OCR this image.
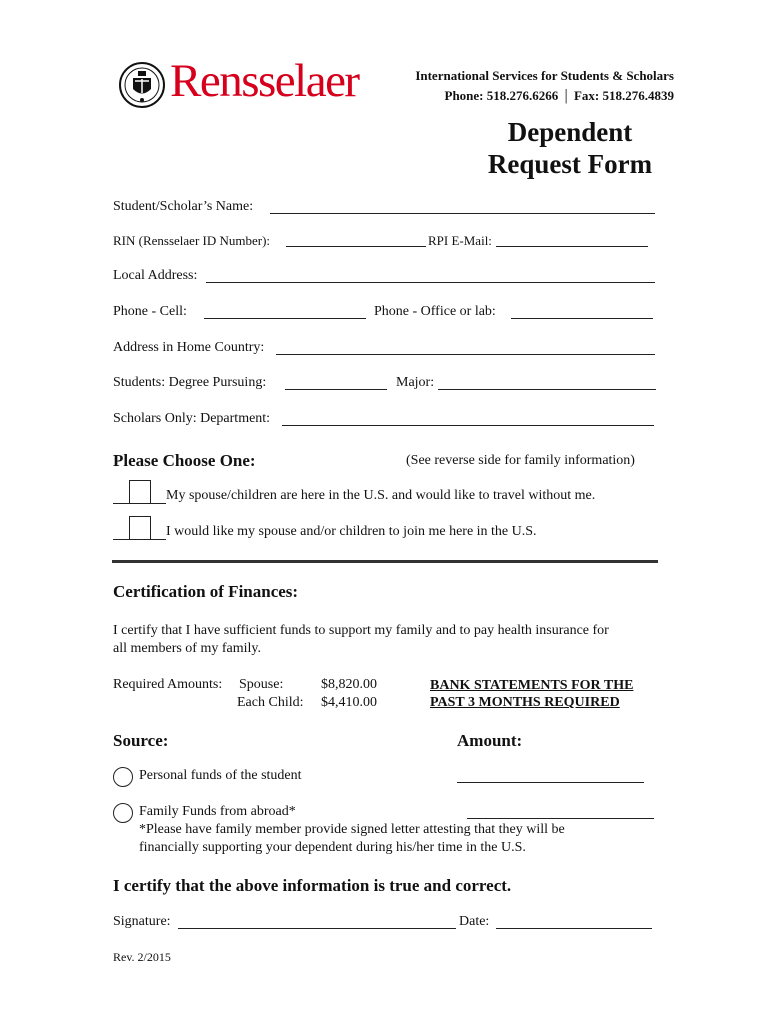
Rensselaer	International Services for Students & Scholars
Phone: 518.276.6266 | Fax: 518.276.4839
Dependent
Request Form
Student/Scholar’s Name:
RIN (Rensselaer ID Number):	RPI E-Mail:
Local Address:
Phone - Cell:	Phone - Office or lab:
Address in Home Country:
Students: Degree Pursuing:	Major:
Scholars Only: Department:
Please Choose One:	(See reverse side for family information)
My spouse/children are here in the U.S. and would like to travel without me.
I would like my spouse and/or children to join me here in the U.S.
Certification of Finances:
I certify that I have sufficient funds to support my family and to pay health insurance for
all members of my family.
Required Amounts: Spouse:	$8,820.00
Each Child: $4,410.00
BANK STATEMENTS FOR THE
PAST 3 MONTHS REQUIRED
Source:	Amount:
Personal funds of the student
Family Funds from abroad*
*Please have family member provide signed letter attesting that they will be
financially supporting your dependent during his/her time in the U.S.
I certify that the above information is true and correct.
Signature:	Date:
Rev. 2/2015
